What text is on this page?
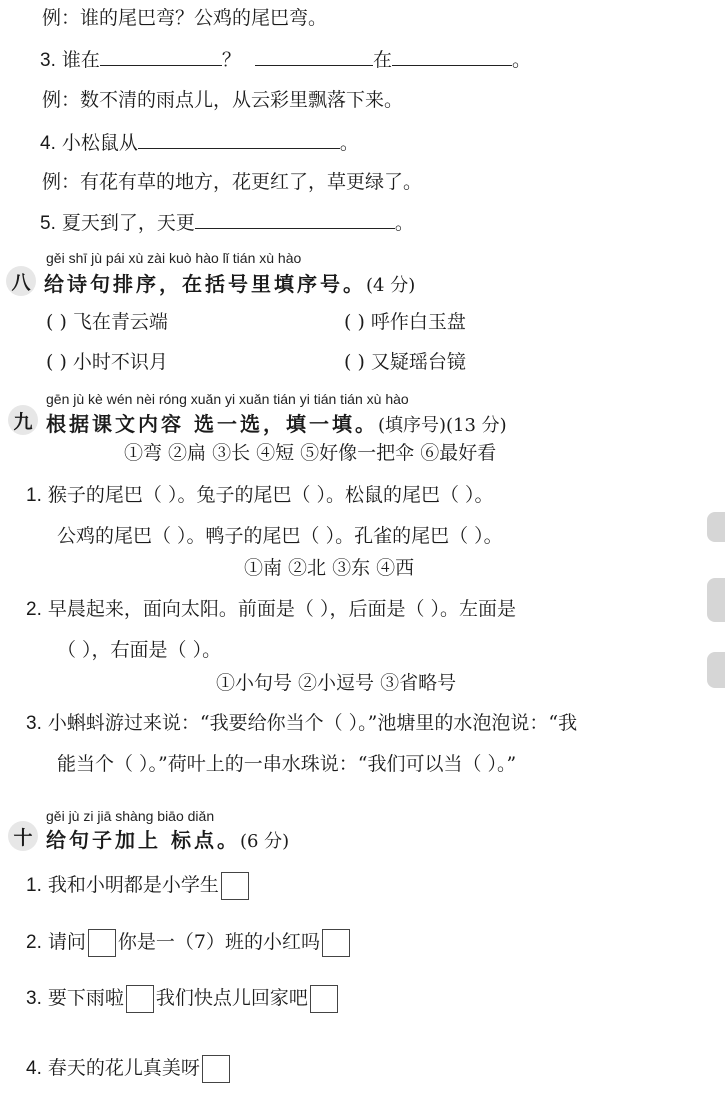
例：谁的尾巴弯？公鸡的尾巴弯。
3. 谁在	？	在	。
例：数不清的雨点儿，从云彩里飘落下来。
4. 小松鼠从	。
例：有花有草的地方，花更红了，草更绿了。
5. 夏天到了，天更	。
gěi shī jù pái xù zài kuò hào lǐ tián xù hào
八 给诗句排序，在括号里填序号。(4 分)
( ) 飞在青云端	( ) 呼作白玉盘
( ) 小时不识月	( ) 又疑瑶台镜
gēn jù kè wén nèi róng xuǎn yi xuǎn tián yi tián tián xù hào
九 根据课文内容 选一选，填一填。(填序号)(13 分)
①弯 ②扁 ③长 ④短 ⑤好像一把伞 ⑥最好看
1. 猴子的尾巴（ ）。兔子的尾巴（ ）。松鼠的尾巴（ ）。
公鸡的尾巴（ ）。鸭子的尾巴（ ）。孔雀的尾巴（ ）。
①南 ②北 ③东 ④西
2. 早晨起来，面向太阳。前面是（ ），后面是（ ）。左面是
（ ），右面是（ ）。
①小句号 ②小逗号 ③省略号
3. 小蝌蚪游过来说：“我要给你当个（ ）。”池塘里的水泡泡说：“我
能当个（ ）。”荷叶上的一串水珠说：“我们可以当（ ）。”
gěi jù zi jiā shàng biāo diǎn
十 给句子加上 标点。(6 分)
1. 我和小明都是小学生
2. 请问 你是一（7）班的小红吗
3. 要下雨啦 我们快点儿回家吧
4. 春天的花儿真美呀
